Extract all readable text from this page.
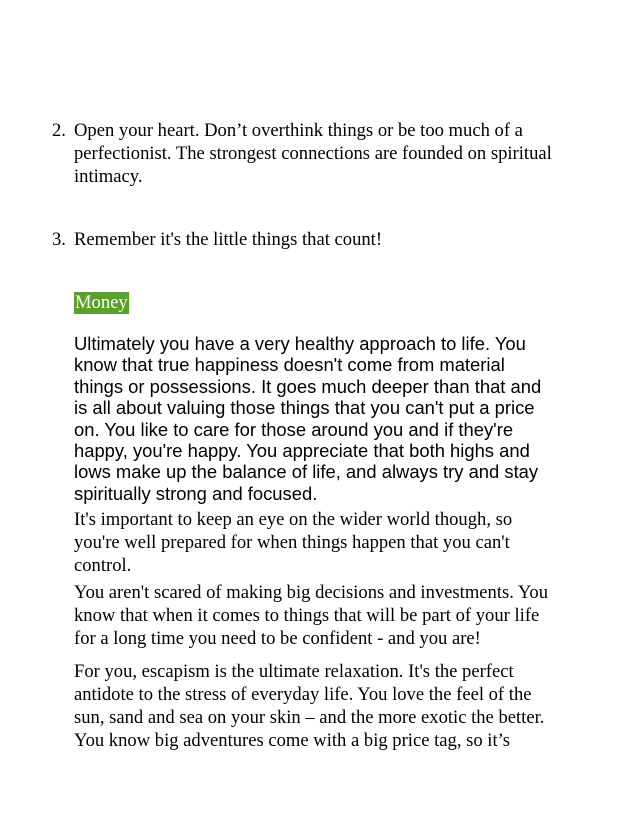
2. Open your heart. Don’t overthink things or be too much of a perfectionist. The strongest connections are founded on spiritual intimacy.
3. Remember it's the little things that count!
Money

Ultimately you have a very healthy approach to life. You know that true happiness doesn't come from material things or possessions. It goes much deeper than that and is all about valuing those things that you can't put a price on. You like to care for those around you and if they're happy, you're happy. You appreciate that both highs and lows make up the balance of life, and always try and stay spiritually strong and focused.

It's important to keep an eye on the wider world though, so you're well prepared for when things happen that you can't control.

You aren't scared of making big decisions and investments. You know that when it comes to things that will be part of your life for a long time you need to be confident - and you are!

For you, escapism is the ultimate relaxation. It's the perfect antidote to the stress of everyday life. You love the feel of the sun, sand and sea on your skin – and the more exotic the better. You know big adventures come with a big price tag, so it’s
